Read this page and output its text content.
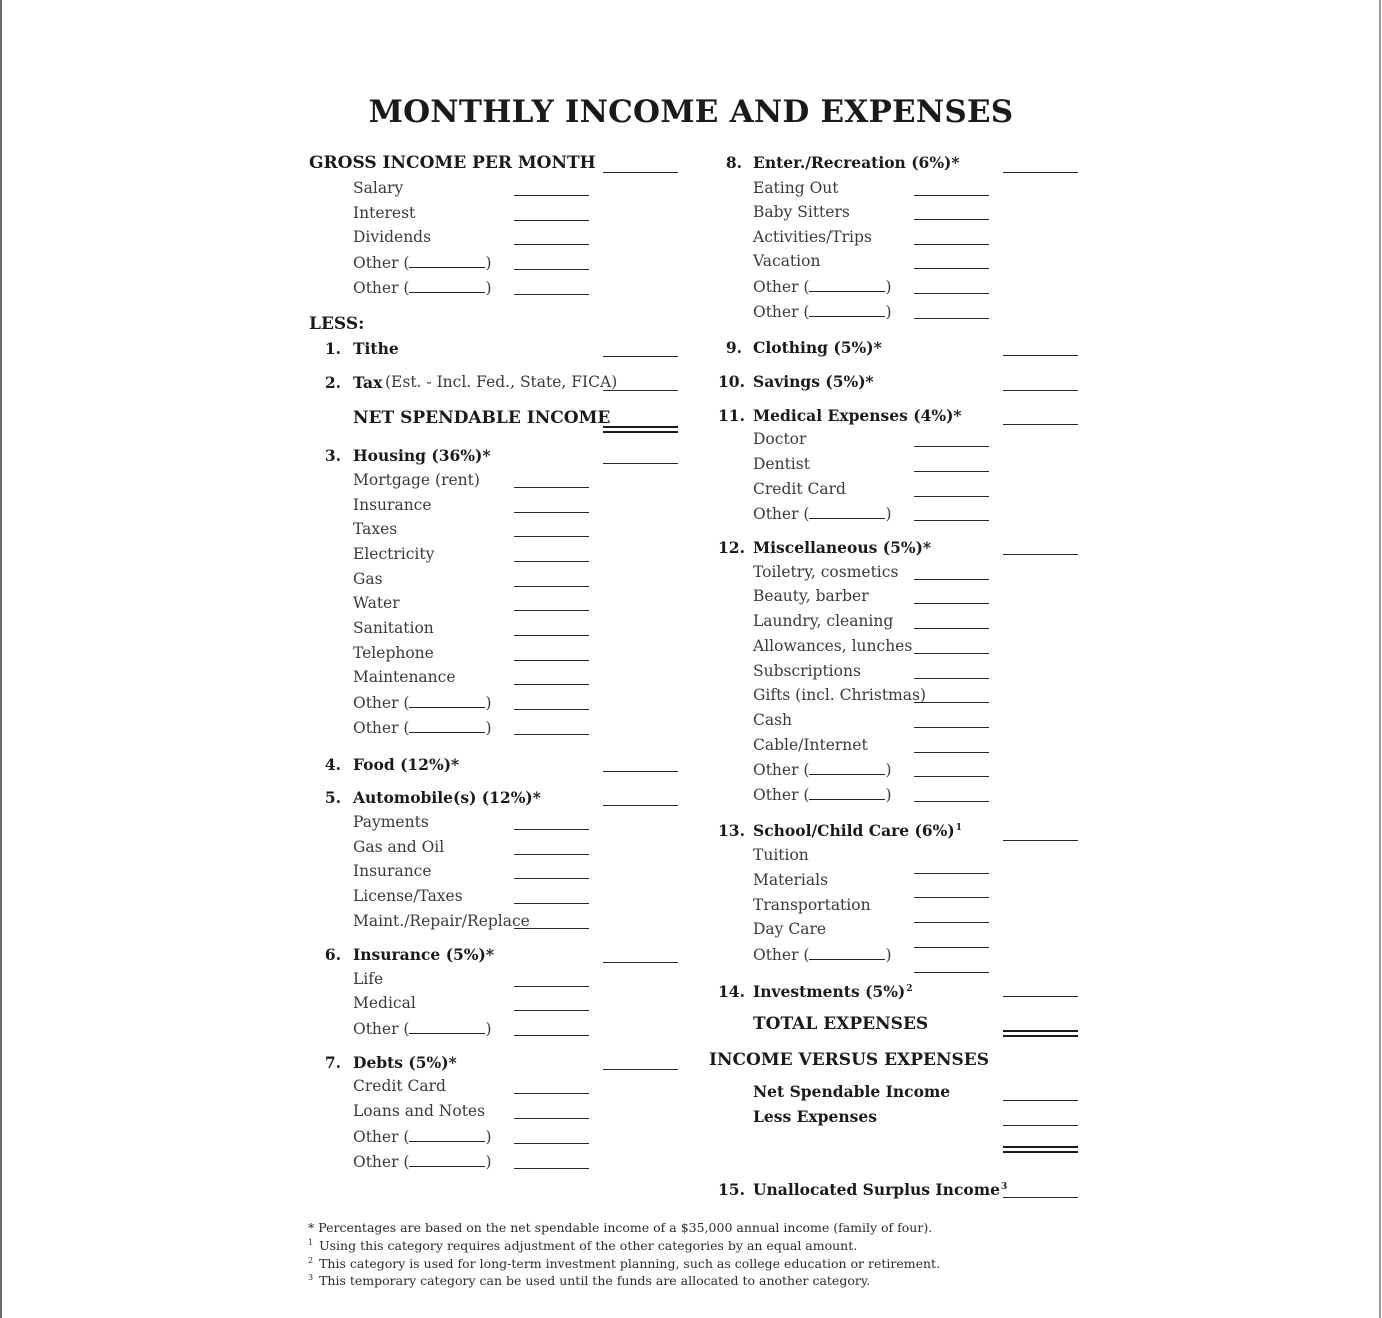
MONTHLY INCOME AND EXPENSES
GROSS INCOME PER MONTH
Salary
Interest
Dividends
Other (	)
Other (	)
LESS:
1. Tithe
2. Tax (Est. - Incl. Fed., State, FICA)
NET SPENDABLE INCOME
3. Housing (36%)*
Mortgage (rent)
Insurance
Taxes
Electricity
Gas
Water
Sanitation
Telephone
Maintenance
Other (	)
Other (	)
4. Food (12%)*
5. Automobile(s) (12%)*
Payments
Gas and Oil
Insurance
License/Taxes
Maint./Repair/Replace
6. Insurance (5%)*
Life
Medical
Other (	)
7. Debts (5%)*
Credit Card
Loans and Notes
Other (	)
Other (	)
8. Enter./Recreation (6%)*
Eating Out
Baby Sitters
Activities/Trips
Vacation
Other (	)
Other (	)
9. Clothing (5%)*
10. Savings (5%)*
11. Medical Expenses (4%)*
Doctor
Dentist
Credit Card
Other (	)
12. Miscellaneous (5%)*
Toiletry, cosmetics
Beauty, barber
Laundry, cleaning
Allowances, lunches
Subscriptions
Gifts (incl. Christmas)
Cash
Cable/Internet
Other (	)
Other (	)
13. School/Child Care (6%)$^1$
Tuition
Materials
Transportation
Day Care
Other (	)
14. Investments (5%)$^2$
TOTAL EXPENSES
INCOME VERSUS EXPENSES
Net Spendable Income
Less Expenses
15. Unallocated Surplus Income$^3$
* Percentages are based on the net spendable income of a $35,000 annual income (family of four).
$^1$ Using this category requires adjustment of the other categories by an equal amount.
$^2$ This category is used for long-term investment planning, such as college education or retirement.
$^3$ This temporary category can be used until the funds are allocated to another category.
